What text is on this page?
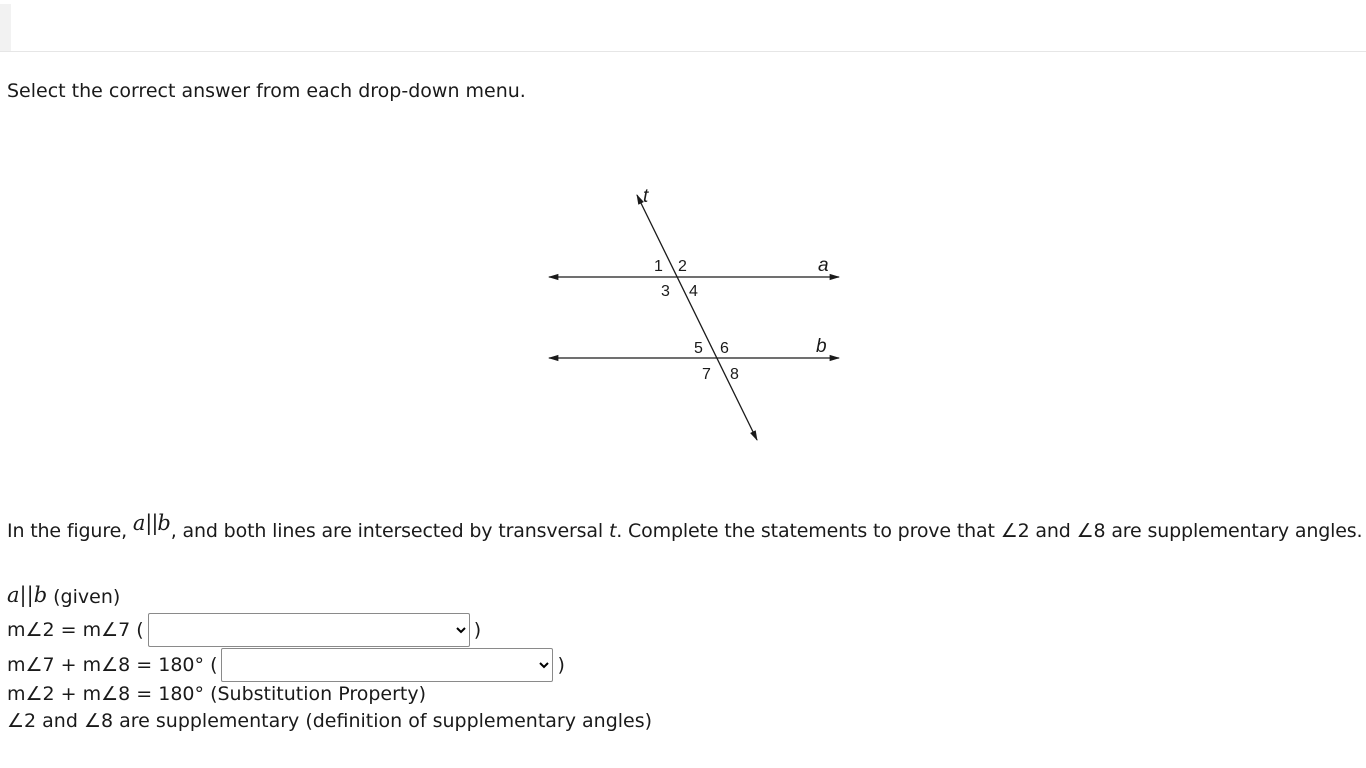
Select the correct answer from each drop-down menu.
t
a
b
1 2
3 4
5 6
7 8
In the figure, a||b, and both lines are intersected by transversal t. Complete the statements to prove that ∠2 and ∠8 are supplementary angles.
a||b (given)
m∠2 = m∠7 (	)
m∠7 + m∠8 = 180° (	)
m∠2 + m∠8 = 180° (Substitution Property)
∠2 and ∠8 are supplementary (definition of supplementary angles)
